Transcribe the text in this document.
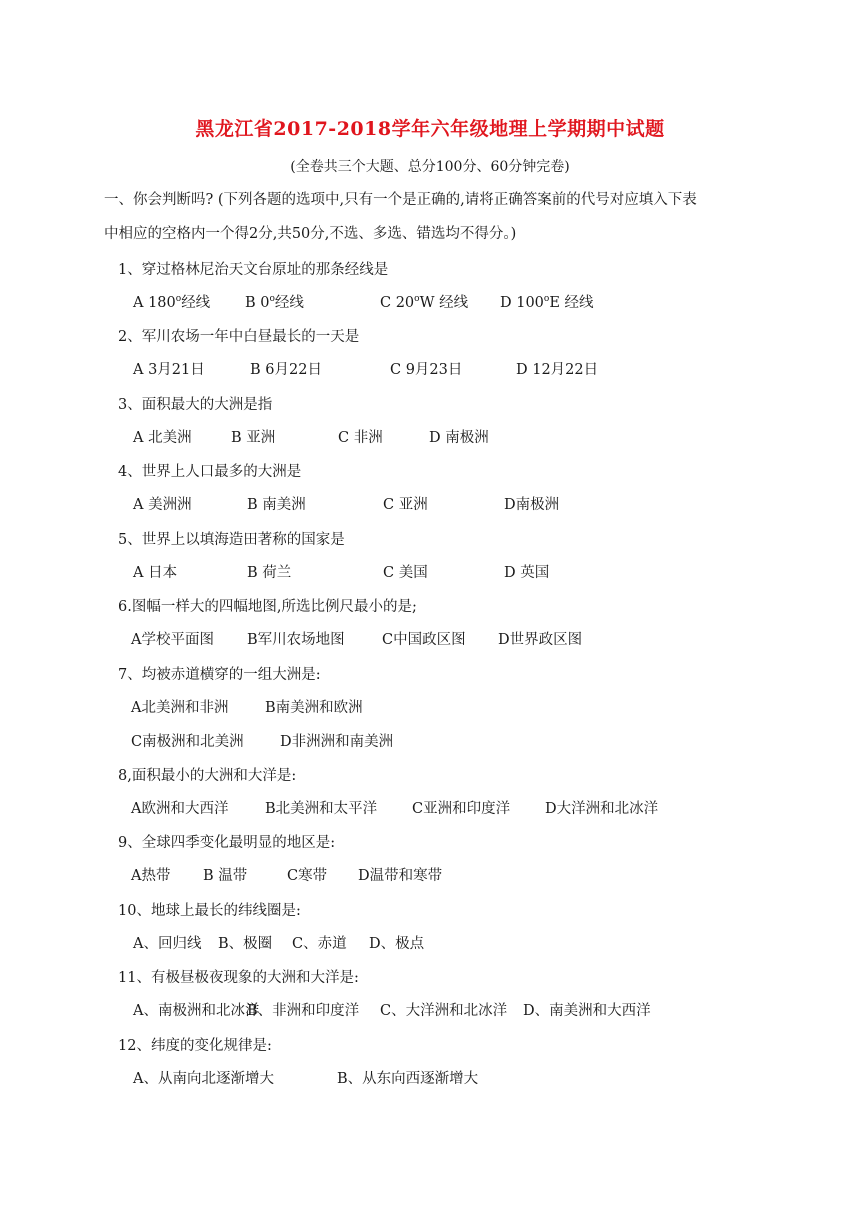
黑龙江省2017-2018学年六年级地理上学期期中试题
(全卷共三个大题、总分100分、60分钟完卷)
一、你会判断吗? (下列各题的选项中,只有一个是正确的,请将正确答案前的代号对应填入下表
中相应的空格内一个得2分,共50分,不选、多选、错选均不得分。)
1、穿过格林尼治天文台原址的那条经线是
A 180$^o$经线 B 0$^o$经线	C 20$^o$W 经线 D 100$^o$E 经线
2、军川农场一年中白昼最长的一天是
A 3月21日	B 6月22日	C 9月23日	D 12月22日
3、面积最大的大洲是指
A 北美洲	B 亚洲	C 非洲	D 南极洲
4、世界上人口最多的大洲是
A 美洲洲	B 南美洲	C 亚洲	D南极洲
5、世界上以填海造田著称的国家是
A 日本	B 荷兰	C 美国	D 英国
6.图幅一样大的四幅地图,所选比例尺最小的是;
A学校平面图 B军川农场地图	C中国政区图 D世界政区图
7、均被赤道横穿的一组大洲是:
A北美洲和非洲	B南美洲和欧洲
C南极洲和北美洲	D非洲洲和南美洲
8,面积最小的大洲和大洋是:
A欧洲和大西洋	B北美洲和太平洋 C亚洲和印度洋 D大洋洲和北冰洋
9、全球四季变化最明显的地区是:
A热带 B 温带	C寒带 D温带和寒带
10、地球上最长的纬线圈是:
A、回归线 B、极圈 C、赤道 D、极点
11、有极昼极夜现象的大洲和大洋是:
A、南极洲和北冰洋
B、非洲和印度洋 C、大洋洲和北冰洋 D、南美洲和大西洋
12、纬度的变化规律是:
A、从南向北逐渐增大	B、从东向西逐渐增大
